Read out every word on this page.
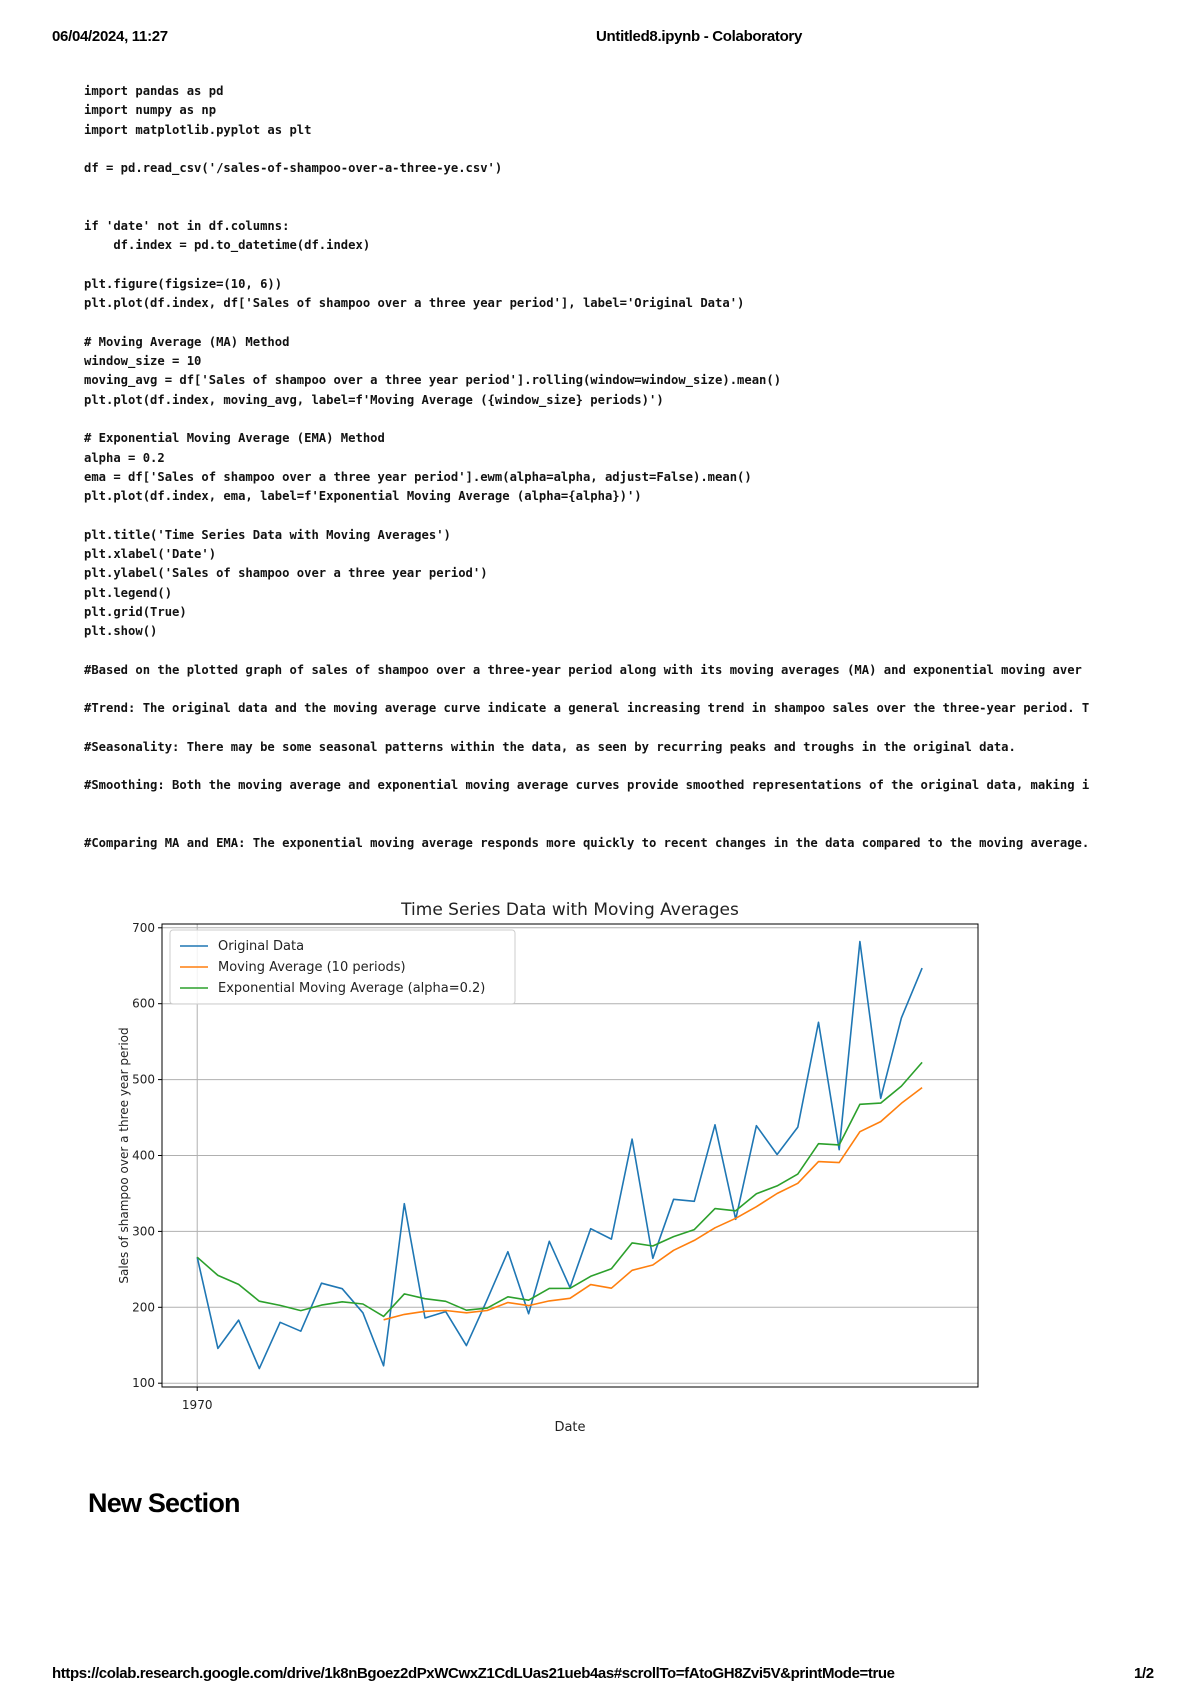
06/04/2024, 11:27	Untitled8.ipynb - Colaboratory
import pandas as pd
import numpy as np
import matplotlib.pyplot as plt
df = pd.read_csv('/sales-of-shampoo-over-a-three-ye.csv')
if 'date' not in df.columns:
df.index = pd.to_datetime(df.index)
plt.figure(figsize=(10, 6))
plt.plot(df.index, df['Sales of shampoo over a three year period'], label='Original Data')
# Moving Average (MA) Method
window_size = 10
moving_avg = df['Sales of shampoo over a three year period'].rolling(window=window_size).mean()
plt.plot(df.index, moving_avg, label=f'Moving Average ({window_size} periods)')
# Exponential Moving Average (EMA) Method
alpha = 0.2
ema = df['Sales of shampoo over a three year period'].ewm(alpha=alpha, adjust=False).mean()
plt.plot(df.index, ema, label=f'Exponential Moving Average (alpha={alpha})')
plt.title('Time Series Data with Moving Averages')
plt.xlabel('Date')
plt.ylabel('Sales of shampoo over a three year period')
plt.legend()
plt.grid(True)
plt.show()
#Based on the plotted graph of sales of shampoo over a three-year period along with its moving averages (MA) and exponential moving aver
#Trend: The original data and the moving average curve indicate a general increasing trend in shampoo sales over the three-year period. T
#Seasonality: There may be some seasonal patterns within the data, as seen by recurring peaks and troughs in the original data.
#Smoothing: Both the moving average and exponential moving average curves provide smoothed representations of the original data, making i
#Comparing MA and EMA: The exponential moving average responds more quickly to recent changes in the data compared to the moving average.
100
200
300
400
500
600
700
1970
Time Series Data with Moving Averages
Date
Sales of shampoo over a three year period
Original Data
Moving Average (10 periods)
Exponential Moving Average (alpha=0.2)
New Section
https://colab.research.google.com/drive/1k8nBgoez2dPxWCwxZ1CdLUas21ueb4as#scrollTo=fAtoGH8Zvi5V&printMode=true	1/2
